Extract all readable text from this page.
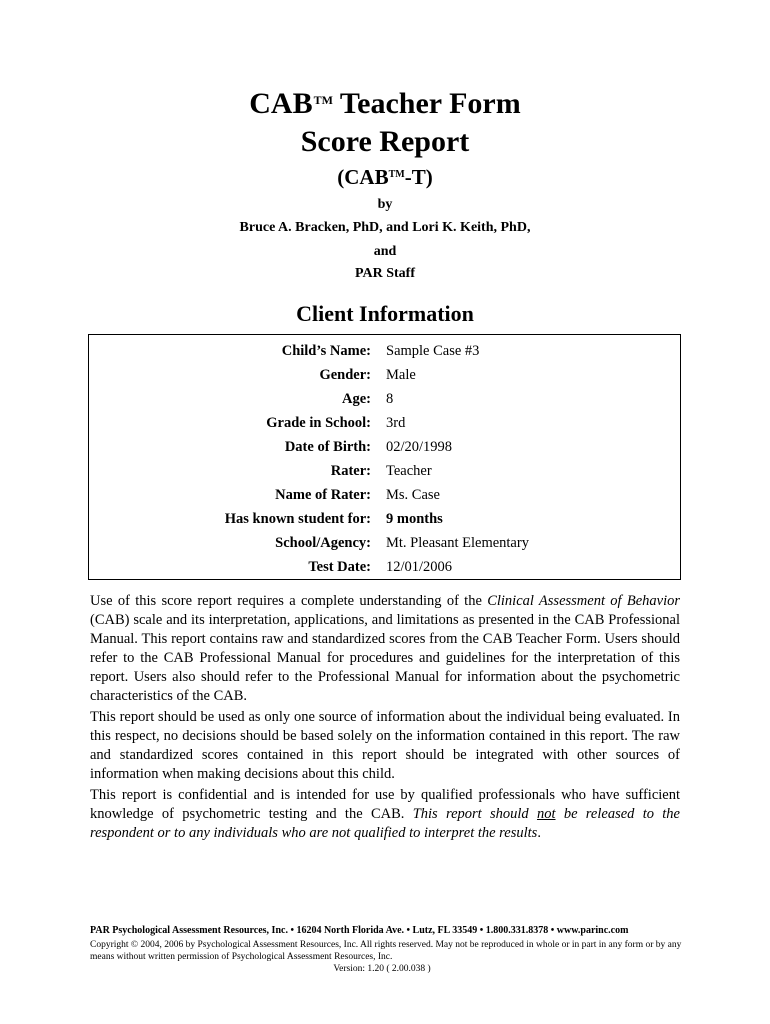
CAB™ Teacher Form
Score Report
(CAB™-T)
by
Bruce A. Bracken, PhD, and Lori K. Keith, PhD,
and
PAR Staff
Client Information
Child’s Name: Sample Case #3
Gender: Male
Age: 8
Grade in School: 3rd
Date of Birth: 02/20/1998
Rater: Teacher
Name of Rater: Ms. Case
Has known student for: 9 months
School/Agency: Mt. Pleasant Elementary
Test Date: 12/01/2006
Use of this score report requires a complete understanding of the Clinical Assessment of Behavior (CAB) scale and its interpretation, applications, and limitations as presented in the CAB Professional Manual. This report contains raw and standardized scores from the CAB Teacher Form. Users should refer to the CAB Professional Manual for procedures and guidelines for the interpretation of this report. Users also should refer to the Professional Manual for information about the psychometric characteristics of the CAB.
This report should be used as only one source of information about the individual being evaluated. In this respect, no decisions should be based solely on the information contained in this report. The raw and standardized scores contained in this report should be integrated with other sources of information when making decisions about this child.
This report is confidential and is intended for use by qualified professionals who have sufficient knowledge of psychometric testing and the CAB. This report should not be released to the respondent or to any individuals who are not qualified to interpret the results.
PAR Psychological Assessment Resources, Inc. • 16204 North Florida Ave. • Lutz, FL 33549 • 1.800.331.8378 • www.parinc.com
Copyright © 2004, 2006 by Psychological Assessment Resources, Inc. All rights reserved. May not be reproduced in whole or in part in any form or by any means without written permission of Psychological Assessment Resources, Inc.
Version: 1.20 ( 2.00.038 )
